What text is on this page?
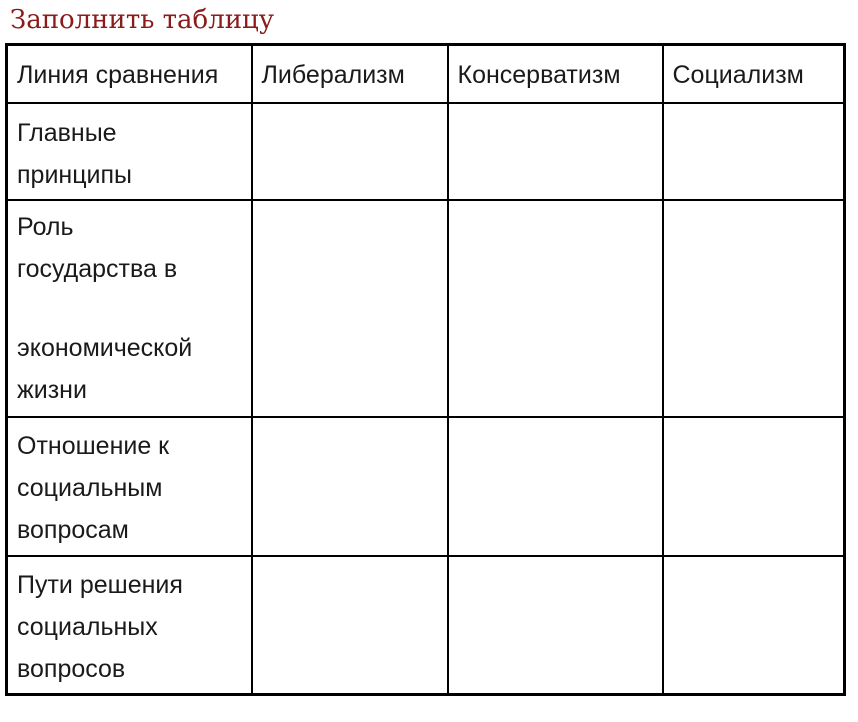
Заполнить таблицу
Линия сравнения	Либерализм	Консерватизм	Социализм

Главные
принципы			

Роль
государства в
экономической
жизни			

Отношение к
социальным
вопросам			

Пути решения
социальных
вопросов			
